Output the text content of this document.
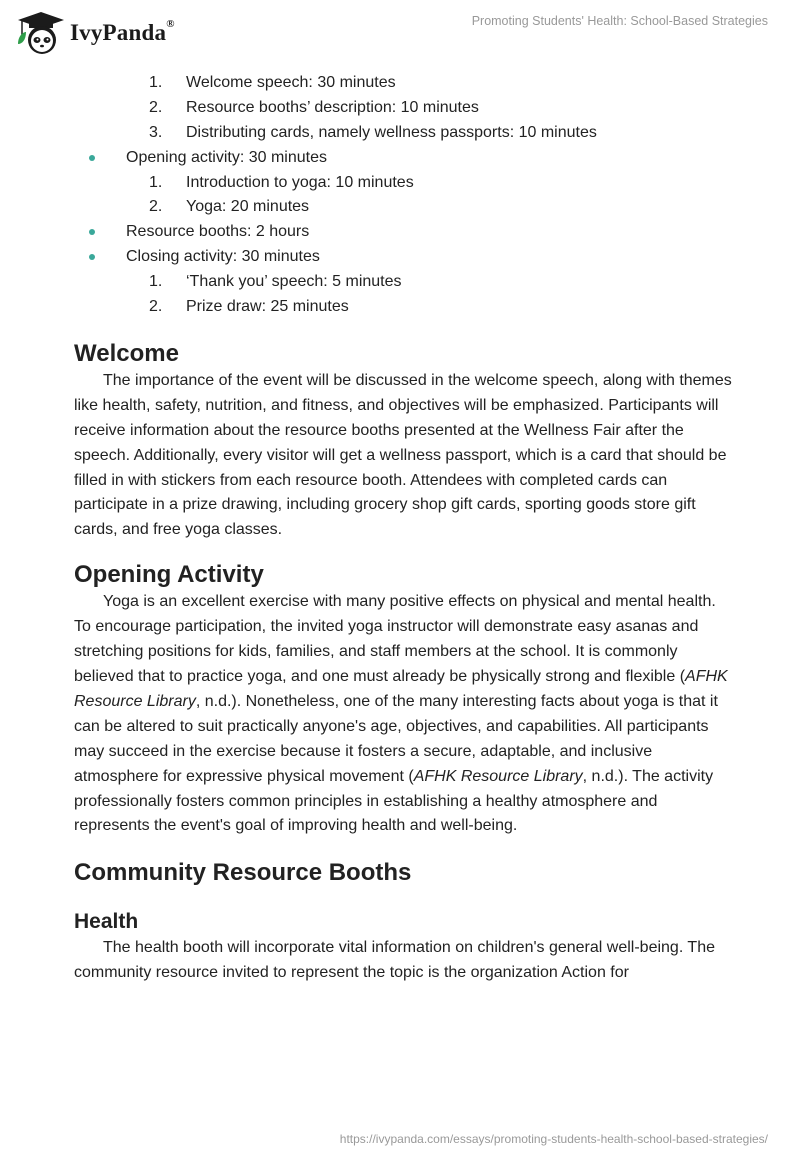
IvyPanda®	Promoting Students' Health: School-Based Strategies
1. Welcome speech: 30 minutes
2. Resource booths’ description: 10 minutes
3. Distributing cards, namely wellness passports: 10 minutes
Opening activity: 30 minutes
1. Introduction to yoga: 10 minutes
2. Yoga: 20 minutes
Resource booths: 2 hours
Closing activity: 30 minutes
1. ‘Thank you’ speech: 5 minutes
2. Prize draw: 25 minutes
Welcome

The importance of the event will be discussed in the welcome speech, along with themes like health, safety, nutrition, and fitness, and objectives will be emphasized. Participants will receive information about the resource booths presented at the Wellness Fair after the speech. Additionally, every visitor will get a wellness passport, which is a card that should be filled in with stickers from each resource booth. Attendees with completed cards can participate in a prize drawing, including grocery shop gift cards, sporting goods store gift cards, and free yoga classes.

Opening Activity

Yoga is an excellent exercise with many positive effects on physical and mental health. To encourage participation, the invited yoga instructor will demonstrate easy asanas and stretching positions for kids, families, and staff members at the school. It is commonly believed that to practice yoga, and one must already be physically strong and flexible (AFHK Resource Library, n.d.). Nonetheless, one of the many interesting facts about yoga is that it can be altered to suit practically anyone's age, objectives, and capabilities. All participants may succeed in the exercise because it fosters a secure, adaptable, and inclusive atmosphere for expressive physical movement (AFHK Resource Library, n.d.). The activity professionally fosters common principles in establishing a healthy atmosphere and represents the event's goal of improving health and well-being.

Community Resource Booths
Health

The health booth will incorporate vital information on children's general well-being. The community resource invited to represent the topic is the organization Action for

https://ivypanda.com/essays/promoting-students-health-school-based-strategies/
